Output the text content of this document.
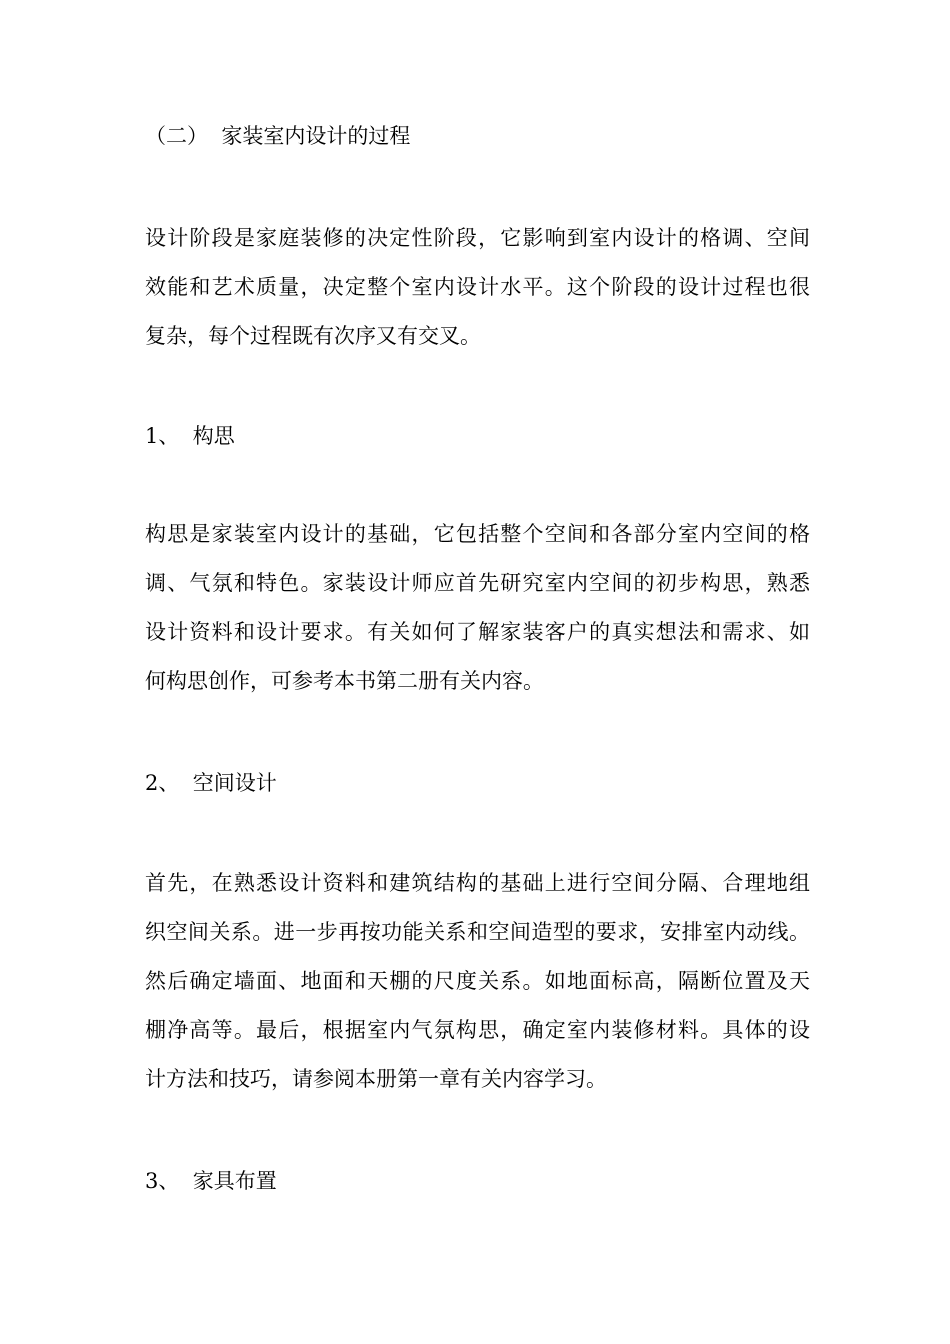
（二）  家装室内设计的过程

设计阶段是家庭装修的决定性阶段，它影响到室内设计的格调、空间
效能和艺术质量，决定整个室内设计水平。这个阶段的设计过程也很
复杂，每个过程既有次序又有交叉。

1、  构思

构思是家装室内设计的基础，它包括整个空间和各部分室内空间的格
调、气氛和特色。家装设计师应首先研究室内空间的初步构思，熟悉
设计资料和设计要求。有关如何了解家装客户的真实想法和需求、如
何构思创作，可参考本书第二册有关内容。

2、  空间设计

首先，在熟悉设计资料和建筑结构的基础上进行空间分隔、合理地组
织空间关系。进一步再按功能关系和空间造型的要求，安排室内动线。
然后确定墙面、地面和天棚的尺度关系。如地面标高，隔断位置及天
棚净高等。最后，根据室内气氛构思，确定室内装修材料。具体的设
计方法和技巧，请参阅本册第一章有关内容学习。

3、  家具布置
